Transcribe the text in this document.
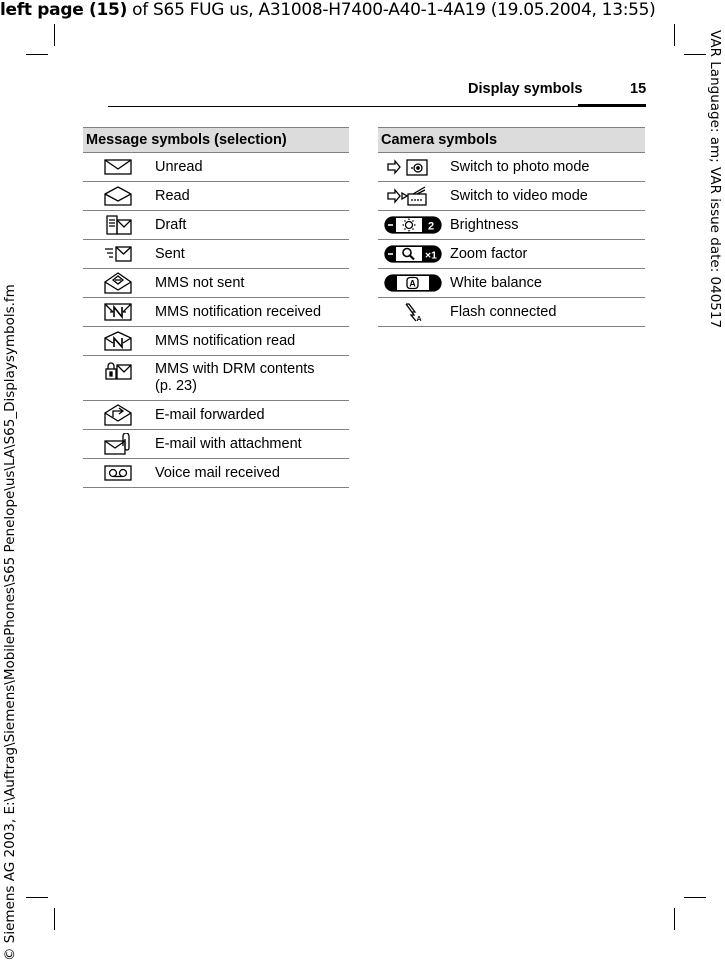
left page (15) of S65 FUG us, A31008-H7400-A40-1-4A19 (19.05.2004, 13:55)
VAR Language: am; VAR issue date: 040517
© Siemens AG 2003, E:\Auftrag\Siemens\MobilePhones\S65 Penelope\us\LA\S65_Displaysymbols.fm
Display symbols	15
Message symbols (selection)	

	Unread

	Read

	Draft

	Sent

	MMS not sent

	MMS notification received

	MMS notification read

	MMS with DRM contents
(p. 23)

	E-mail forwarded

	E-mail with attachment

	Voice mail received
Camera symbols	

	Switch to photo mode

	Switch to video mode

2	Brightness

×1	Zoom factor

A	White balance

A	Flash connected
